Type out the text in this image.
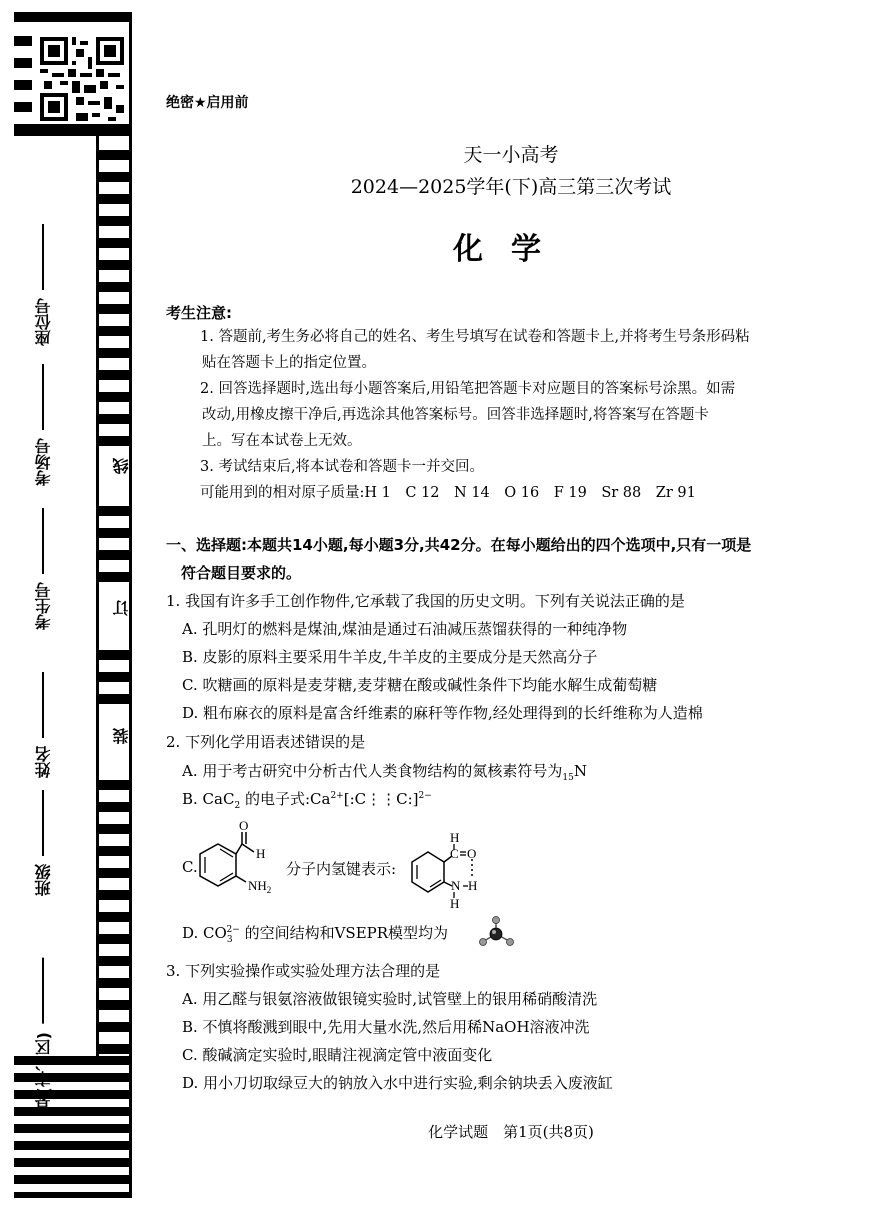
县(市、区)
班级
姓名
考生号
考场号
座位号
装
订
线
绝密★启用前
天一小高考
2024—2025学年(下)高三第三次考试
化学
考生注意:
1. 答题前,考生务必将自己的姓名、考生号填写在试卷和答题卡上,并将考生号条形码粘
贴在答题卡上的指定位置。
2. 回答选择题时,选出每小题答案后,用铅笔把答题卡对应题目的答案标号涂黑。如需
改动,用橡皮擦干净后,再选涂其他答案标号。回答非选择题时,将答案写在答题卡
上。写在本试卷上无效。
3. 考试结束后,将本试卷和答题卡一并交回。
可能用到的相对原子质量:H 1　C 12　N 14　O 16　F 19　Sr 88　Zr 91
一、选择题:本题共14小题,每小题3分,共42分。在每小题给出的四个选项中,只有一项是
符合题目要求的。
1. 我国有许多手工创作物件,它承载了我国的历史文明。下列有关说法正确的是
A. 孔明灯的燃料是煤油,煤油是通过石油减压蒸馏获得的一种纯净物
B. 皮影的原料主要采用牛羊皮,牛羊皮的主要成分是天然高分子
C. 吹糖画的原料是麦芽糖,麦芽糖在酸或碱性条件下均能水解生成葡萄糖
D. 粗布麻衣的原料是富含纤维素的麻秆等作物,经处理得到的长纤维称为人造棉
2. 下列化学用语表述错误的是
A. 用于考古研究中分析古代人类食物结构的氮核素符号为$_{15}$N
B. CaC$_2$ 的电子式$:Ca^{2+}[:C⋮⋮C:]^{2-}$
C.
O
H
$NH_2$
分子内氢键表示:
H
C O
N H
H
D. $CO_3^{2-}$ 的空间结构和VSEPR模型均为
3. 下列实验操作或实验处理方法合理的是
A. 用乙醛与银氨溶液做银镜实验时,试管壁上的银用稀硝酸清洗
B. 不慎将酸溅到眼中,先用大量水洗,然后用稀NaOH溶液冲洗
C. 酸碱滴定实验时,眼睛注视滴定管中液面变化
D. 用小刀切取绿豆大的钠放入水中进行实验,剩余钠块丢入废液缸
化学试题　第1页(共8页)
